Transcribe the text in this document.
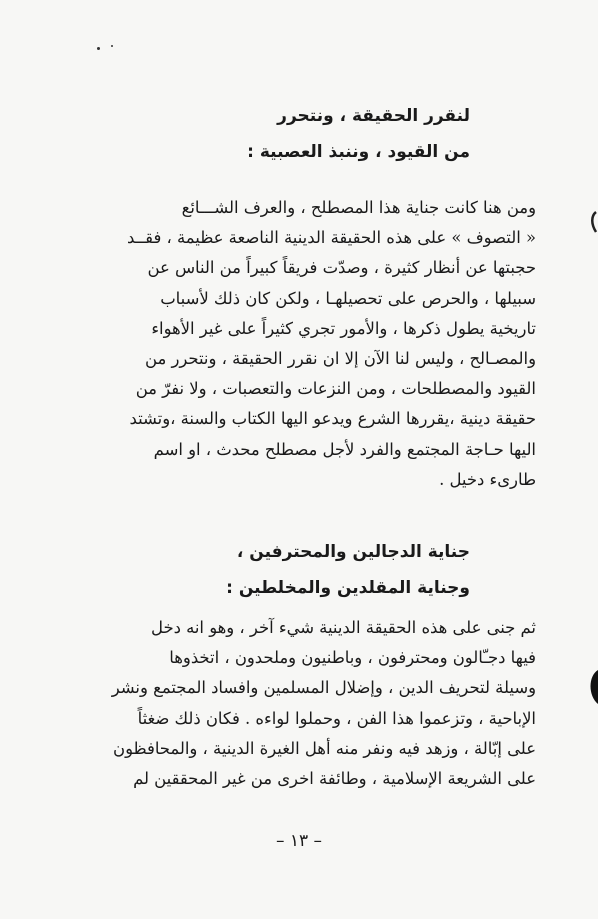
لنقرر الحقيقة ، ونتحرر
من القيود ، وننبذ العصبية :
ومن هنا كانت جناية هذا المصطلح ، والعرف الشـــائع
« التصوف » على هذه الحقيقة الدينية الناصعة عظيمة ، فقــد
حجبتها عن أنظار كثيرة ، وصدّت فريقاً كبيراً من الناس عن
سبيلها ، والحرص على تحصيلهـا ، ولكن كان ذلك لأسباب
تاريخية يطول ذكرها ، والأمور تجري كثيراً على غير الأهواء
والمصـالح ، وليس لنا الآن إلا ان نقرر الحقيقة ، ونتحرر من
القيود والمصطلحات ، ومن النزعات والتعصبات ، ولا نفرّ من
حقيقة دينية ،يقررها الشرع ويدعو اليها الكتاب والسنة ،وتشتد
اليها حـاجة المجتمع والفرد لأجل مصطلح محدث ، او اسم
طارىء دخيل .
جناية الدجالين والمحترفين ،
وجناية المقلدين والمخلطين :
ثم جنى على هذه الحقيقة الدينية شيء آخر ، وهو انه دخل
فيها دجـّالون ومحترفون ، وباطنيون وملحدون ، اتخذوها
وسيلة لتحريف الدين ، وإضلال المسلمين وافساد المجتمع ونشر
الإباحية ، وتزعموا هذا الفن ، وحملوا لواءه . فكان ذلك ضغثاً
على إبّالة ، وزهد فيه ونفر منه أهل الغيرة الدينية ، والمحافظون
على الشريعة الإسلامية ، وطائفة اخرى من غير المحققين لم
– ١٣ –
